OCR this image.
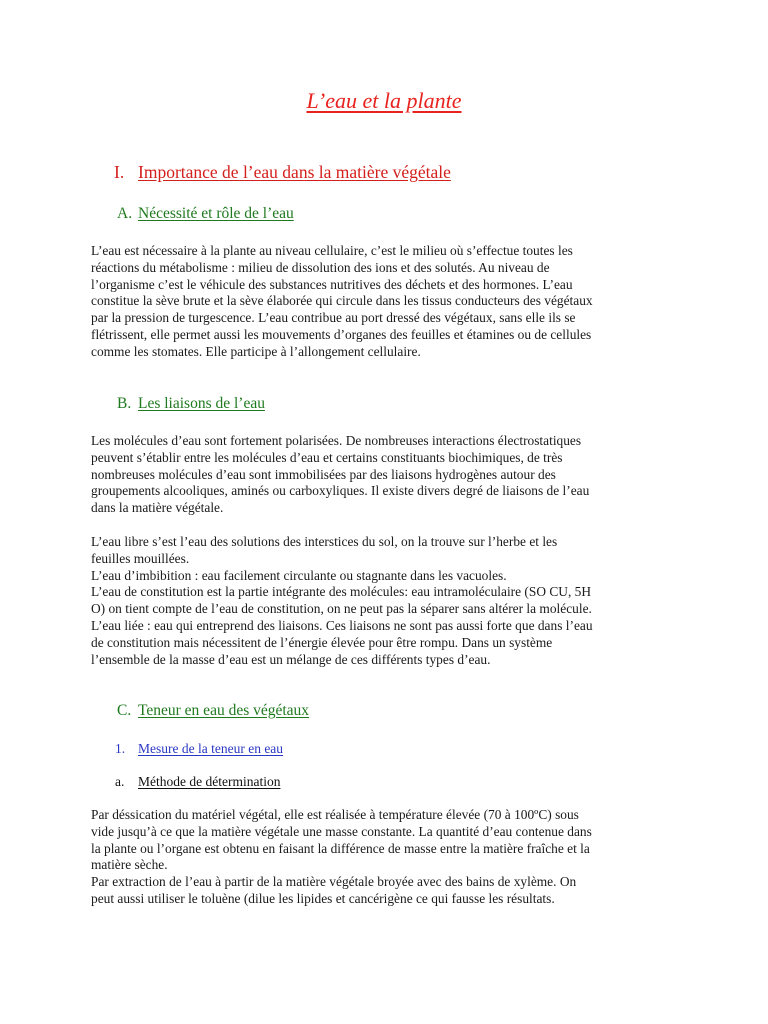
L’eau et la plante
I. Importance de l’eau dans la matière végétale
A. Nécessité et rôle de l’eau
L’eau est nécessaire à la plante au niveau cellulaire, c’est le milieu où s’effectue toutes les
réactions du métabolisme : milieu de dissolution des ions et des solutés. Au niveau de
l’organisme c’est le véhicule des substances nutritives des déchets et des hormones. L’eau
constitue la sève brute et la sève élaborée qui circule dans les tissus conducteurs des végétaux
par la pression de turgescence. L’eau contribue au port dressé des végétaux, sans elle ils se
flétrissent, elle permet aussi les mouvements d’organes des feuilles et étamines ou de cellules
comme les stomates. Elle participe à l’allongement cellulaire.
B. Les liaisons de l’eau
Les molécules d’eau sont fortement polarisées. De nombreuses interactions électrostatiques
peuvent s’établir entre les molécules d’eau et certains constituants biochimiques, de très
nombreuses molécules d’eau sont immobilisées par des liaisons hydrogènes autour des
groupements alcooliques, aminés ou carboxyliques. Il existe divers degré de liaisons de l’eau
dans la matière végétale.
L’eau libre s’est l’eau des solutions des interstices du sol, on la trouve sur l’herbe et les
feuilles mouillées.
L’eau d’imbibition : eau facilement circulante ou stagnante dans les vacuoles.
L’eau de constitution est la partie intégrante des molécules: eau intramoléculaire (SO CU, 5H
O) on tient compte de l’eau de constitution, on ne peut pas la séparer sans altérer la molécule.
L’eau liée : eau qui entreprend des liaisons. Ces liaisons ne sont pas aussi forte que dans l’eau
de constitution mais nécessitent de l’énergie élevée pour être rompu. Dans un système
l’ensemble de la masse d’eau est un mélange de ces différents types d’eau.
C. Teneur en eau des végétaux
1. Mesure de la teneur en eau
a. Méthode de détermination
Par déssication du matériel végétal, elle est réalisée à température élevée (70 à 100ºC) sous
vide jusqu’à ce que la matière végétale une masse constante. La quantité d’eau contenue dans
la plante ou l’organe est obtenu en faisant la différence de masse entre la matière fraîche et la
matière sèche.
Par extraction de l’eau à partir de la matière végétale broyée avec des bains de xylème. On
peut aussi utiliser le toluène (dilue les lipides et cancérigène ce qui fausse les résultats.
